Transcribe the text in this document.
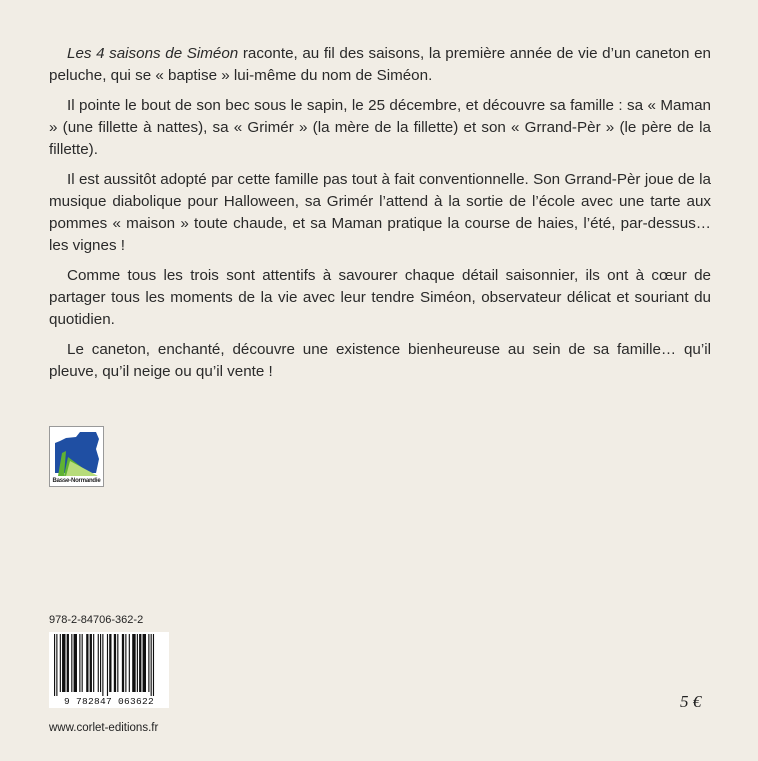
Les 4 saisons de Siméon raconte, au fil des saisons, la première année de vie d’un caneton en peluche, qui se « baptise » lui-même du nom de Siméon.

Il pointe le bout de son bec sous le sapin, le 25 décembre, et découvre sa famille : sa « Maman » (une fillette à nattes), sa « Grimér » (la mère de la fillette) et son « Grrand-Pèr » (le père de la fillette).

Il est aussitôt adopté par cette famille pas tout à fait conventionnelle. Son Grrand-Pèr joue de la musique diabolique pour Halloween, sa Grimér l’attend à la sortie de l’école avec une tarte aux pommes « maison » toute chaude, et sa Maman pratique la course de haies, l’été, par-dessus… les vignes !

Comme tous les trois sont attentifs à savourer chaque détail saisonnier, ils ont à cœur de partager tous les moments de la vie avec leur tendre Siméon, observateur délicat et souriant du quotidien.

Le caneton, enchanté, découvre une existence bienheureuse au sein de sa famille… qu’il pleuve, qu’il neige ou qu’il vente !

Basse-Normandie
978-2-84706-362-2
9 782847 063622	5 €
www.corlet-editions.fr
